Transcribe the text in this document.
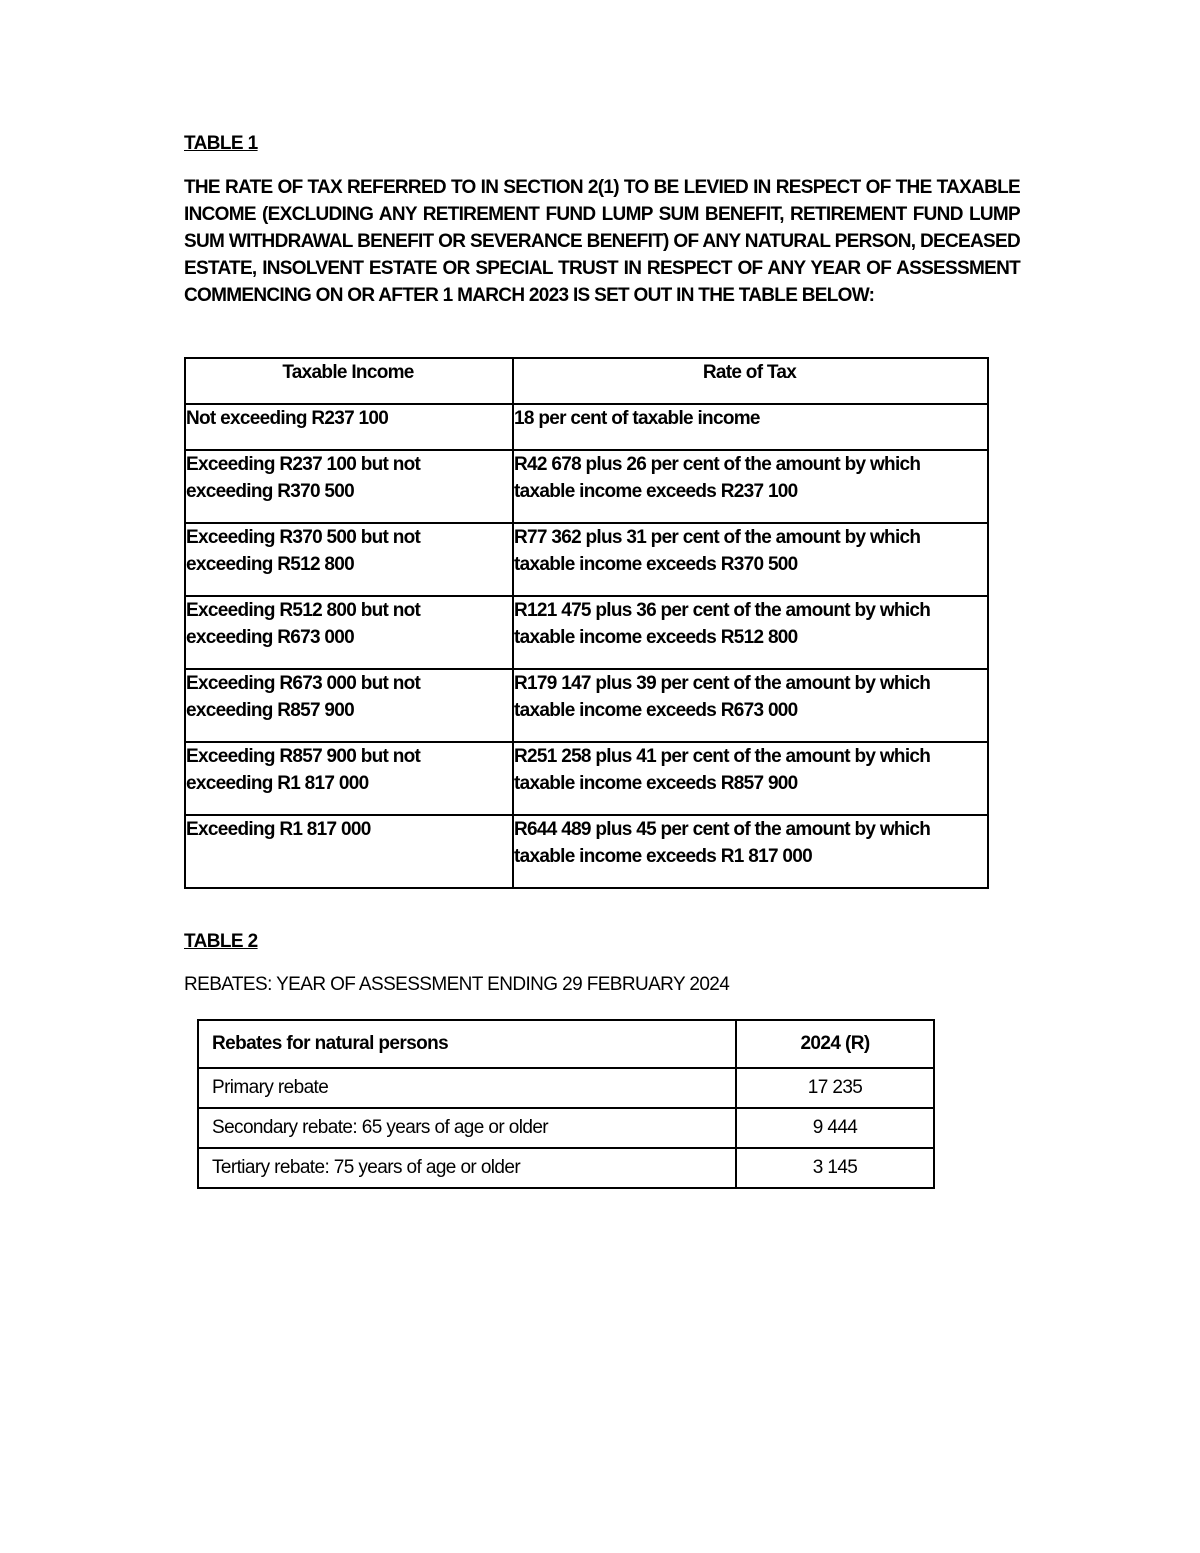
TABLE 1

THE RATE OF TAX REFERRED TO IN SECTION 2(1) TO BE LEVIED IN RESPECT OF THE TAXABLE INCOME (EXCLUDING ANY RETIREMENT FUND LUMP SUM BENEFIT, RETIREMENT FUND LUMP SUM WITHDRAWAL BENEFIT OR SEVERANCE BENEFIT) OF ANY NATURAL PERSON, DECEASED ESTATE, INSOLVENT ESTATE OR SPECIAL TRUST IN RESPECT OF ANY YEAR OF ASSESSMENT COMMENCING ON OR AFTER 1 MARCH 2023 IS SET OUT IN THE TABLE BELOW:

Taxable Income	Rate of Tax
Not exceeding R237 100	18 per cent of taxable income
Exceeding R237 100 but not exceeding R370 500	R42 678 plus 26 per cent of the amount by which taxable income exceeds R237 100
Exceeding R370 500 but not exceeding R512 800	R77 362 plus 31 per cent of the amount by which taxable income exceeds R370 500
Exceeding R512 800 but not exceeding R673 000	R121 475 plus 36 per cent of the amount by which taxable income exceeds R512 800
Exceeding R673 000 but not exceeding R857 900	R179 147 plus 39 per cent of the amount by which taxable income exceeds R673 000
Exceeding R857 900 but not exceeding R1 817 000	R251 258 plus 41 per cent of the amount by which taxable income exceeds R857 900
Exceeding R1 817 000	R644 489 plus 45 per cent of the amount by which taxable income exceeds R1 817 000

TABLE 2

REBATES: YEAR OF ASSESSMENT ENDING 29 FEBRUARY 2024

Rebates for natural persons	2024 (R)
Primary rebate	17 235
Secondary rebate: 65 years of age or older	9 444
Tertiary rebate: 75 years of age or older	3 145
